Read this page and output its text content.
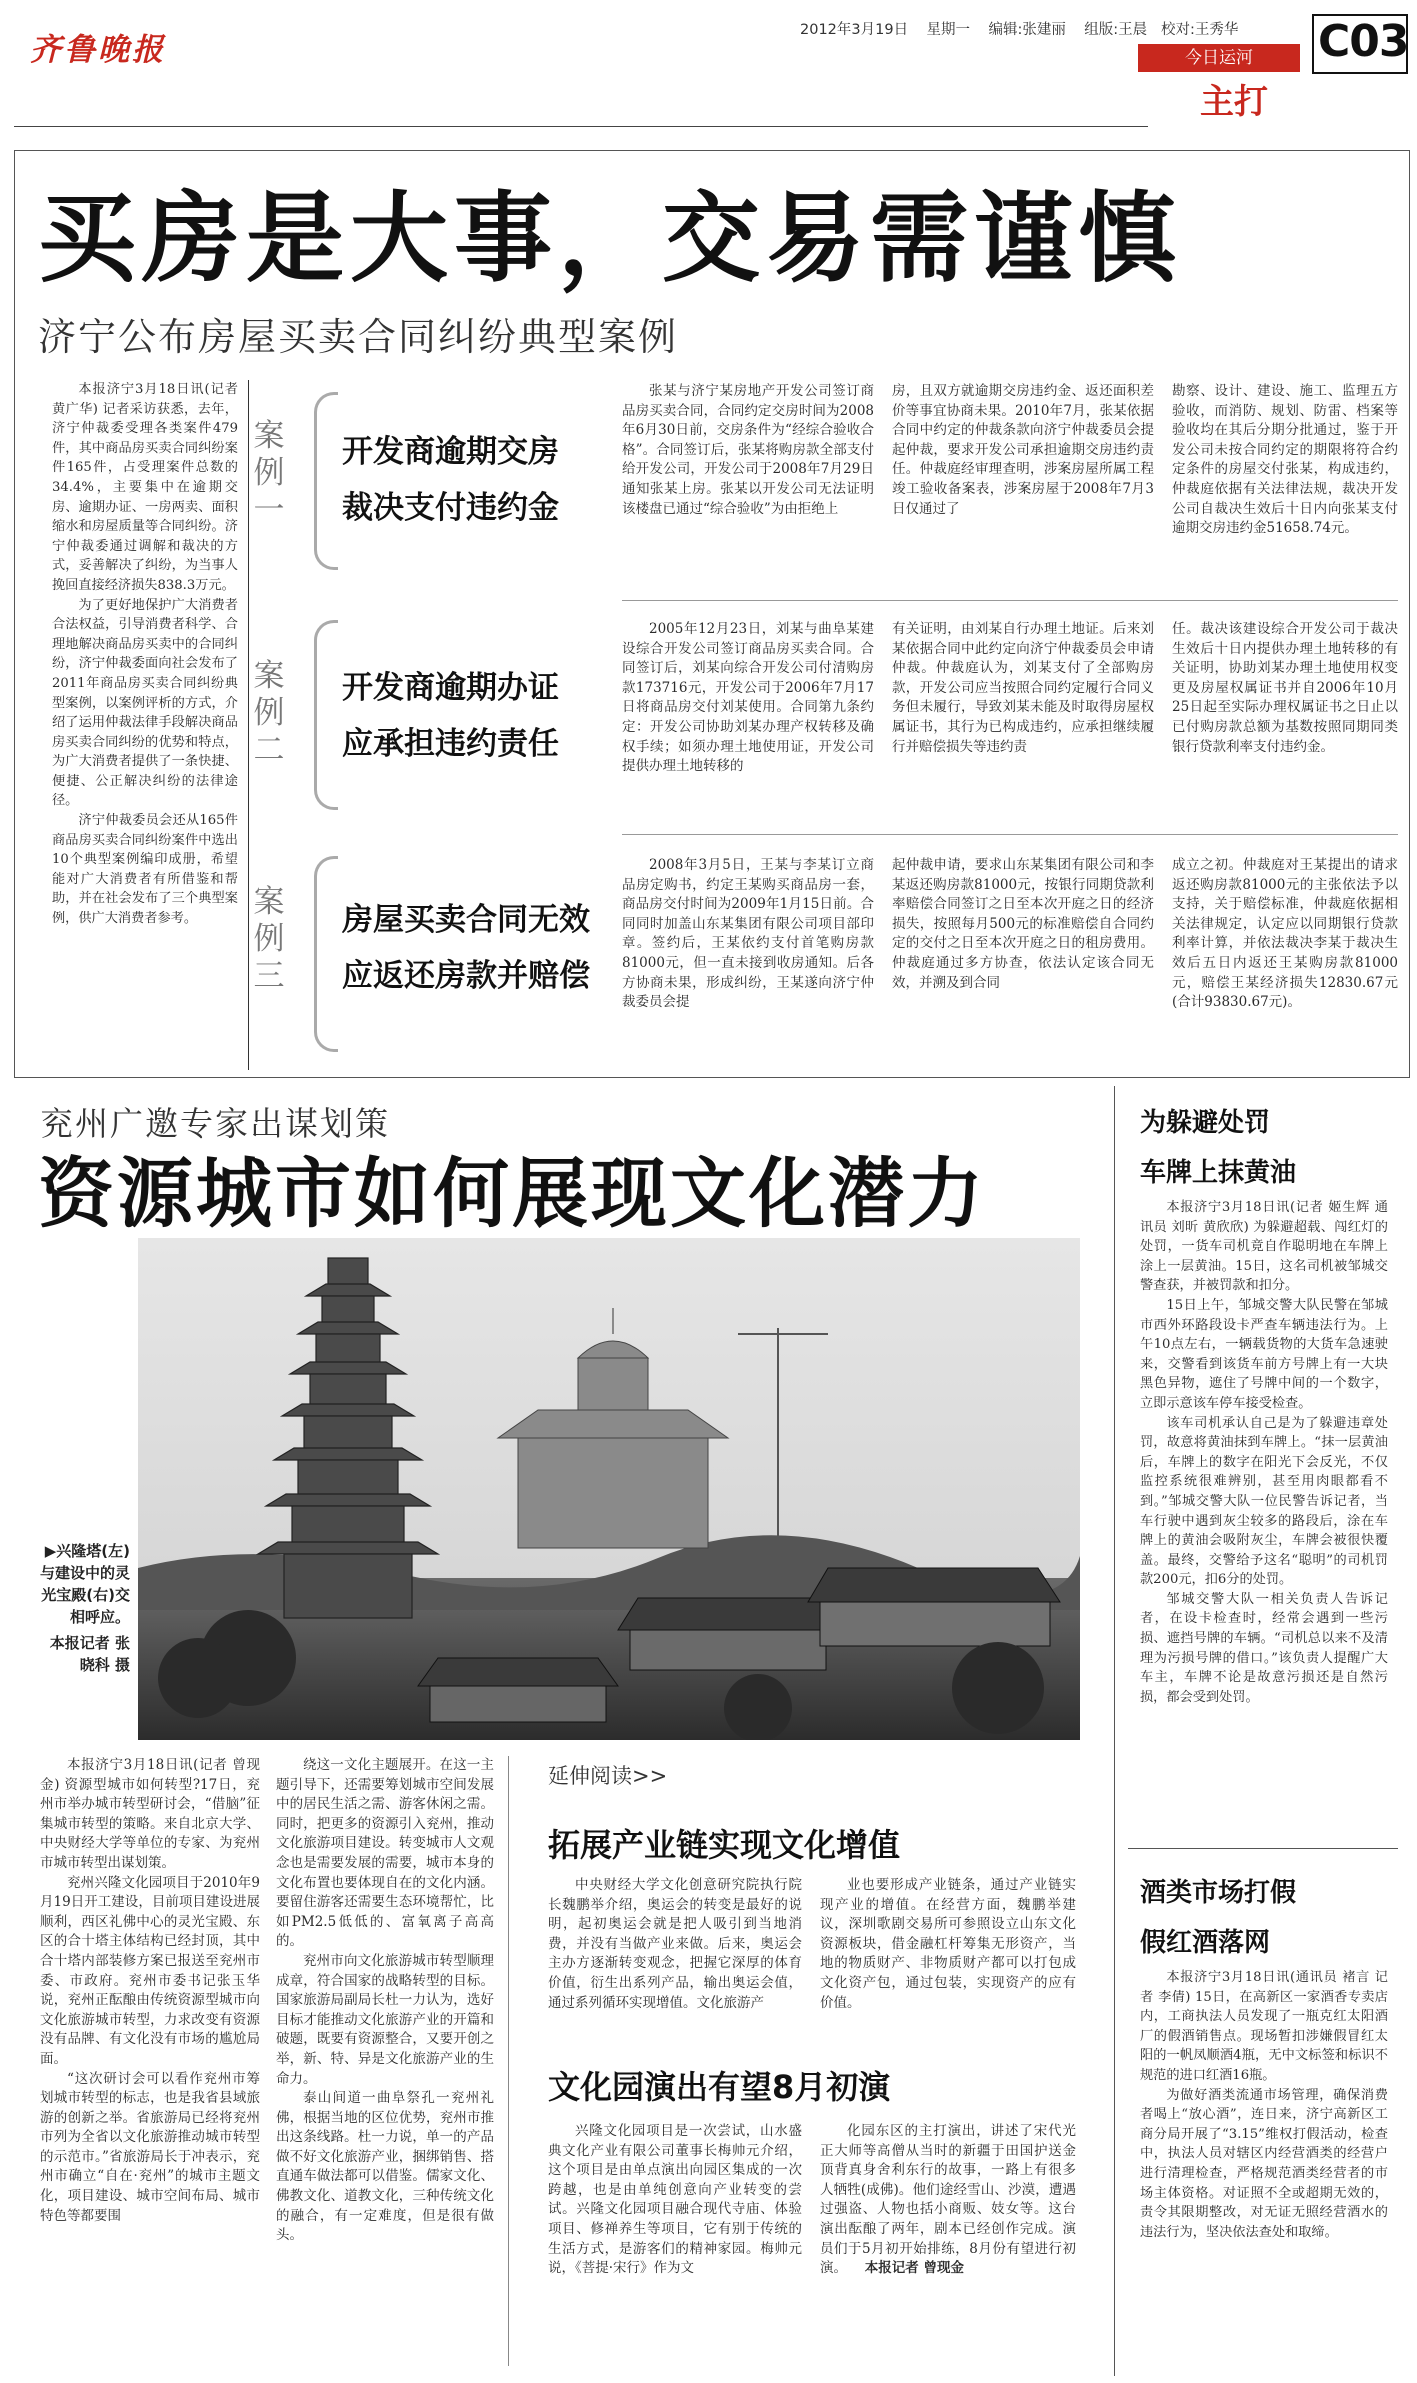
齐鲁晚报
2012年3月19日 星期一 编辑:张建丽 组版:王晨 校对:王秀华
今日运河
主打
C03
买房是大事，交易需谨慎
济宁公布房屋买卖合同纠纷典型案例

本报济宁3月18日讯(记者 黄广华) 记者采访获悉，去年，济宁仲裁委受理各类案件479件，其中商品房买卖合同纠纷案件165件，占受理案件总数的34.4%，主要集中在逾期交房、逾期办证、一房两卖、面积缩水和房屋质量等合同纠纷。济宁仲裁委通过调解和裁决的方式，妥善解决了纠纷，为当事人挽回直接经济损失838.3万元。

为了更好地保护广大消费者合法权益，引导消费者科学、合理地解决商品房买卖中的合同纠纷，济宁仲裁委面向社会发布了2011年商品房买卖合同纠纷典型案例，以案例评析的方式，介绍了运用仲裁法律手段解决商品房买卖合同纠纷的优势和特点，为广大消费者提供了一条快捷、便捷、公正解决纠纷的法律途径。

济宁仲裁委员会还从165件商品房买卖合同纠纷案件中选出10个典型案例编印成册，希望能对广大消费者有所借鉴和帮助，并在社会发布了三个典型案例，供广大消费者参考。

案例一
开发商逾期交房
裁决支付违约金
张某与济宁某房地产开发公司签订商品房买卖合同，合同约定交房时间为2008年6月30日前，交房条件为“经综合验收合格”。合同签订后，张某将购房款全部支付给开发公司，开发公司于2008年7月29日通知张某上房。张某以开发公司无法证明该楼盘已通过“综合验收”为由拒绝上
房，且双方就逾期交房违约金、返还面积差价等事宜协商未果。2010年7月，张某依据合同中约定的仲裁条款向济宁仲裁委员会提起仲裁，要求开发公司承担逾期交房违约责任。仲裁庭经审理查明，涉案房屋所属工程竣工验收备案表，涉案房屋于2008年7月3日仅通过了
勘察、设计、建设、施工、监理五方验收，而消防、规划、防雷、档案等验收均在其后分期分批通过，鉴于开发公司未按合同约定的期限将符合约定条件的房屋交付张某，构成违约，仲裁庭依据有关法律法规，裁决开发公司自裁决生效后十日内向张某支付逾期交房违约金51658.74元。
案例二
开发商逾期办证
应承担违约责任
2005年12月23日，刘某与曲阜某建设综合开发公司签订商品房买卖合同。合同签订后，刘某向综合开发公司付清购房款173716元，开发公司于2006年7月17日将商品房交付刘某使用。合同第九条约定：开发公司协助刘某办理产权转移及确权手续；如须办理土地使用证，开发公司提供办理土地转移的
有关证明，由刘某自行办理土地证。后来刘某依据合同中此约定向济宁仲裁委员会申请仲裁。仲裁庭认为，刘某支付了全部购房款，开发公司应当按照合同约定履行合同义务但未履行，导致刘某未能及时取得房屋权属证书，其行为已构成违约，应承担继续履行并赔偿损失等违约责
任。裁决该建设综合开发公司于裁决生效后十日内提供办理土地转移的有关证明，协助刘某办理土地使用权变更及房屋权属证书并自2006年10月25日起至实际办理权属证书之日止以已付购房款总额为基数按照同期同类银行贷款利率支付违约金。
案例三
房屋买卖合同无效
应返还房款并赔偿
2008年3月5日，王某与李某订立商品房定购书，约定王某购买商品房一套，商品房交付时间为2009年1月15日前。合同同时加盖山东某集团有限公司项目部印章。签约后，王某依约支付首笔购房款81000元，但一直未接到收房通知。后各方协商未果，形成纠纷，王某遂向济宁仲裁委员会提
起仲裁申请，要求山东某集团有限公司和李某返还购房款81000元，按银行同期贷款利率赔偿合同签订之日至本次开庭之日的经济损失，按照每月500元的标准赔偿自合同约定的交付之日至本次开庭之日的租房费用。仲裁庭通过多方协查，依法认定该合同无效，并溯及到合同
成立之初。仲裁庭对王某提出的请求返还购房款81000元的主张依法予以支持，关于赔偿标准，仲裁庭依据相关法律规定，认定应以同期银行贷款利率计算，并依法裁决李某于裁决生效后五日内返还王某购房款81000元，赔偿王某经济损失12830.67元(合计93830.67元)。
兖州广邀专家出谋划策
资源城市如何展现文化潜力
▶兴隆塔(左)与建设中的灵光宝殿(右)交相呼应。
本报记者 张晓科 摄

本报济宁3月18日讯(记者 曾现金) 资源型城市如何转型?17日，兖州市举办城市转型研讨会，“借脑”征集城市转型的策略。来自北京大学、中央财经大学等单位的专家、为兖州市城市转型出谋划策。

兖州兴隆文化园项目于2010年9月19日开工建设，目前项目建设进展顺利，西区礼佛中心的灵光宝殿、东区的合十塔主体结构已经封顶，其中合十塔内部装修方案已报送至兖州市委、市政府。兖州市委书记张玉华说，兖州正酝酿由传统资源型城市向文化旅游城市转型，力求改变有资源没有品牌、有文化没有市场的尴尬局面。

“这次研讨会可以看作兖州市筹划城市转型的标志，也是我省县域旅游的创新之举。省旅游局已经将兖州市列为全省以文化旅游推动城市转型的示范市。”省旅游局长于冲表示，兖州市确立“自在·兖州”的城市主题文化，项目建设、城市空间布局、城市特色等都要围

绕这一文化主题展开。在这一主题引导下，还需要筹划城市空间发展中的居民生活之需、游客休闲之需。同时，把更多的资源引入兖州，推动文化旅游项目建设。转变城市人文观念也是需要发展的需要，城市本身的文化布置也要体现自在的文化内涵。要留住游客还需要生态环境帮忙，比如PM2.5低低的、富氧离子高高的。

兖州市向文化旅游城市转型顺理成章，符合国家的战略转型的目标。国家旅游局副局长杜一力认为，选好目标才能推动文化旅游产业的开篇和破题，既要有资源整合，又要开创之举，新、特、异是文化旅游产业的生命力。

泰山间道一曲阜祭孔一兖州礼佛，根据当地的区位优势，兖州市推出这条线路。杜一力说，单一的产品做不好文化旅游产业，捆绑销售、搭直通车做法都可以借鉴。儒家文化、佛教文化、道教文化，三种传统文化的融合，有一定难度，但是很有做头。

延伸阅读>>
拓展产业链实现文化增值
中央财经大学文化创意研究院执行院长魏鹏举介绍，奥运会的转变是最好的说明，起初奥运会就是把人吸引到当地消费，并没有当做产业来做。后来，奥运会主办方逐渐转变观念，把握它深厚的体育价值，衍生出系列产品，输出奥运会值，通过系列循环实现增值。文化旅游产
业也要形成产业链条，通过产业链实现产业的增值。在经营方面，魏鹏举建议，深圳歌剧交易所可参照设立山东文化资源板块，借金融杠杆筹集无形资产，当地的物质财产、非物质财产都可以打包成文化资产包，通过包装，实现资产的应有价值。
文化园演出有望8月初演
兴隆文化园项目是一次尝试，山水盛典文化产业有限公司董事长梅帅元介绍，这个项目是由单点演出向园区集成的一次跨越，也是由单纯创意向产业转变的尝试。兴隆文化园项目融合现代寺庙、体验项目、修禅养生等项目，它有别于传统的生活方式，是游客们的精神家园。梅帅元说，《菩提·宋行》作为文
化园东区的主打演出，讲述了宋代光正大师等高僧从当时的新疆于田国护送金顶背真身舍利东行的故事，一路上有很多人牺牲(成佛)。他们途经雪山、沙漠，遭遇过强盗、人物也括小商贩、妓女等。这台演出酝酿了两年，剧本已经创作完成。演员们于5月初开始排练，8月份有望进行初演。 本报记者 曾现金
为躲避处罚
车牌上抹黄油

本报济宁3月18日讯(记者 姬生辉 通讯员 刘昕 黄欣欣) 为躲避超载、闯红灯的处罚，一货车司机竟自作聪明地在车牌上涂上一层黄油。15日，这名司机被邹城交警查获，并被罚款和扣分。

15日上午，邹城交警大队民警在邹城市西外环路段设卡严查车辆违法行为。上午10点左右，一辆载货物的大货车急速驶来，交警看到该货车前方号牌上有一大块黑色异物，遮住了号牌中间的一个数字，立即示意该车停车接受检查。

该车司机承认自己是为了躲避违章处罚，故意将黄油抹到车牌上。“抹一层黄油后，车牌上的数字在阳光下会反光，不仅监控系统很难辨别，甚至用肉眼都看不到。”邹城交警大队一位民警告诉记者，当车行驶中遇到灰尘较多的路段后，涂在车牌上的黄油会吸附灰尘，车牌会被很快覆盖。最终，交警给予这名“聪明”的司机罚款200元，扣6分的处罚。

邹城交警大队一相关负责人告诉记者，在设卡检查时，经常会遇到一些污损、遮挡号牌的车辆。“司机总以来不及清理为污损号牌的借口。”该负责人提醒广大车主，车牌不论是故意污损还是自然污损，都会受到处罚。

酒类市场打假
假红酒落网

本报济宁3月18日讯(通讯员 褚言 记者 李倩) 15日，在高新区一家酒香专卖店内，工商执法人员发现了一瓶克红太阳酒厂的假酒销售点。现场暂扣涉嫌假冒红太阳的一帆凤顺酒4瓶，无中文标签和标识不规范的进口红酒16瓶。

为做好酒类流通市场管理，确保消费者喝上“放心酒”，连日来，济宁高新区工商分局开展了“3.15”维权打假活动，检查中，执法人员对辖区内经营酒类的经营户进行清理检查，严格规范酒类经营者的市场主体资格。对证照不全或超期无效的，责令其限期整改，对无证无照经营酒水的违法行为，坚决依法查处和取缔。
